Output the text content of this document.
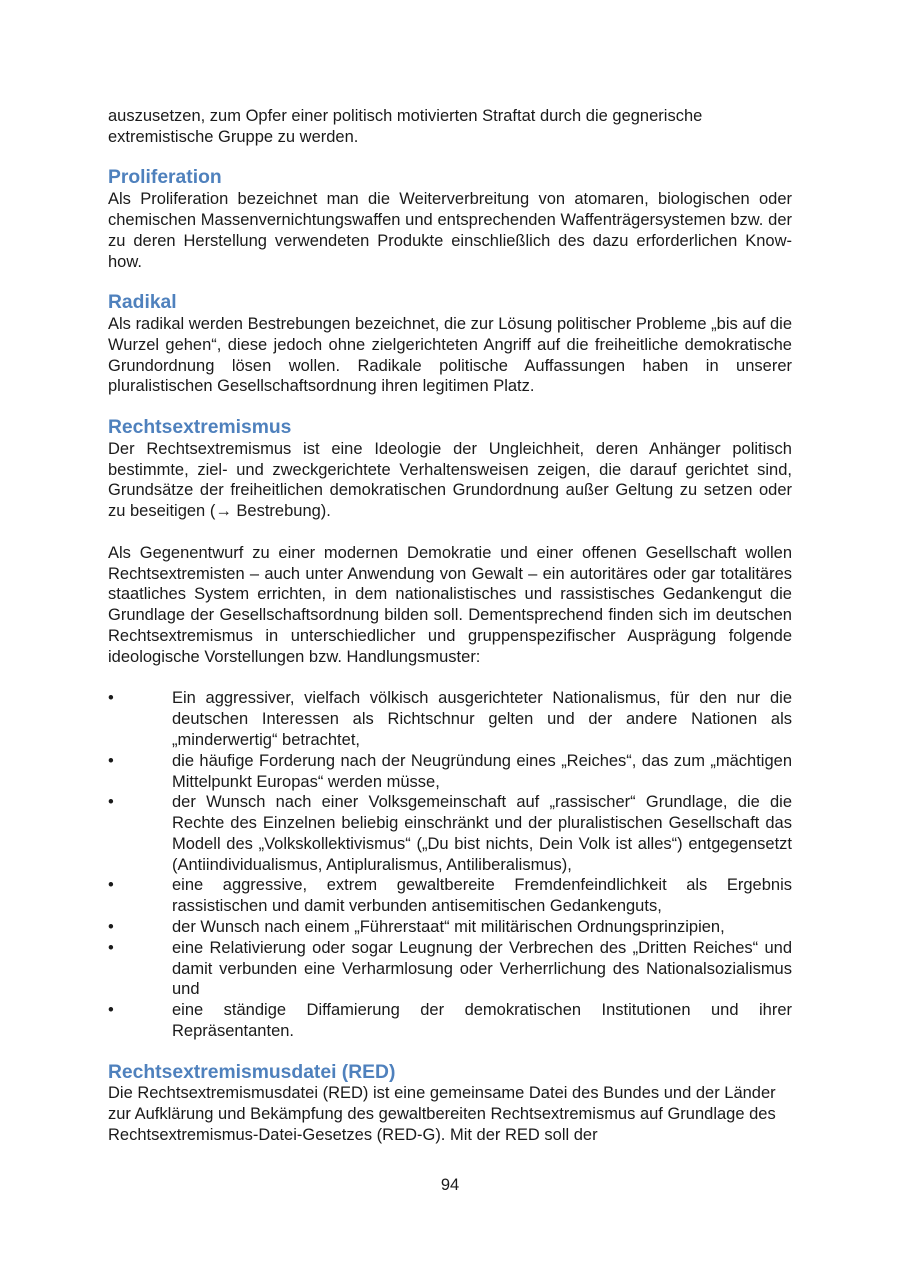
auszusetzen, zum Opfer einer politisch motivierten Straftat durch die gegnerische extremistische Gruppe zu werden.

Proliferation

Als Proliferation bezeichnet man die Weiterverbreitung von atomaren, biologischen oder chemischen Massenvernichtungswaffen und entsprechenden Waffenträgersystemen bzw. der zu deren Herstellung verwendeten Produkte einschließlich des dazu erforderlichen Know-how.

Radikal

Als radikal werden Bestrebungen bezeichnet, die zur Lösung politischer Probleme „bis auf die Wurzel gehen“, diese jedoch ohne zielgerichteten Angriff auf die freiheitliche demokratische Grundordnung lösen wollen. Radikale politische Auffassungen haben in unserer pluralistischen Gesellschaftsordnung ihren legitimen Platz.

Rechtsextremismus

Der Rechtsextremismus ist eine Ideologie der Ungleichheit, deren Anhänger politisch bestimmte, ziel- und zweckgerichtete Verhaltensweisen zeigen, die darauf gerichtet sind, Grundsätze der freiheitlichen demokratischen Grundordnung außer Geltung zu setzen oder zu beseitigen (→ Bestrebung).

Als Gegenentwurf zu einer modernen Demokratie und einer offenen Gesellschaft wollen Rechtsextremisten – auch unter Anwendung von Gewalt – ein autoritäres oder gar totalitäres staatliches System errichten, in dem nationalistisches und rassistisches Gedankengut die Grundlage der Gesellschaftsordnung bilden soll. Dementsprechend finden sich im deutschen Rechtsextremismus in unterschiedlicher und gruppenspezifischer Ausprägung folgende ideologische Vorstellungen bzw. Handlungsmuster:

•	Ein aggressiver, vielfach völkisch ausgerichteter Nationalismus, für den nur die deutschen Interessen als Richtschnur gelten und der andere Nationen als „minderwertig“ betrachtet,
•	die häufige Forderung nach der Neugründung eines „Reiches“, das zum „mächtigen Mittelpunkt Europas“ werden müsse,
•	der Wunsch nach einer Volksgemeinschaft auf „rassischer“ Grundlage, die die Rechte des Einzelnen beliebig einschränkt und der pluralistischen Gesellschaft das Modell des „Volkskollektivismus“ („Du bist nichts, Dein Volk ist alles“) entgegensetzt (Antiindividualismus, Antipluralismus, Antiliberalismus),
•	eine aggressive, extrem gewaltbereite Fremdenfeindlichkeit als Ergebnis rassistischen und damit verbunden antisemitischen Gedankenguts,
•	der Wunsch nach einem „Führerstaat“ mit militärischen Ordnungsprinzipien,
•	eine Relativierung oder sogar Leugnung der Verbrechen des „Dritten Reiches“ und damit verbunden eine Verharmlosung oder Verherrlichung des Nationalsozialismus und
•	eine ständige Diffamierung der demokratischen Institutionen und ihrer Repräsentanten.
Rechtsextremismusdatei (RED)

Die Rechtsextremismusdatei (RED) ist eine gemeinsame Datei des Bundes und der Länder zur Aufklärung und Bekämpfung des gewaltbereiten Rechtsextremismus auf Grundlage des Rechtsextremismus-Datei-Gesetzes (RED-G). Mit der RED soll der

94
